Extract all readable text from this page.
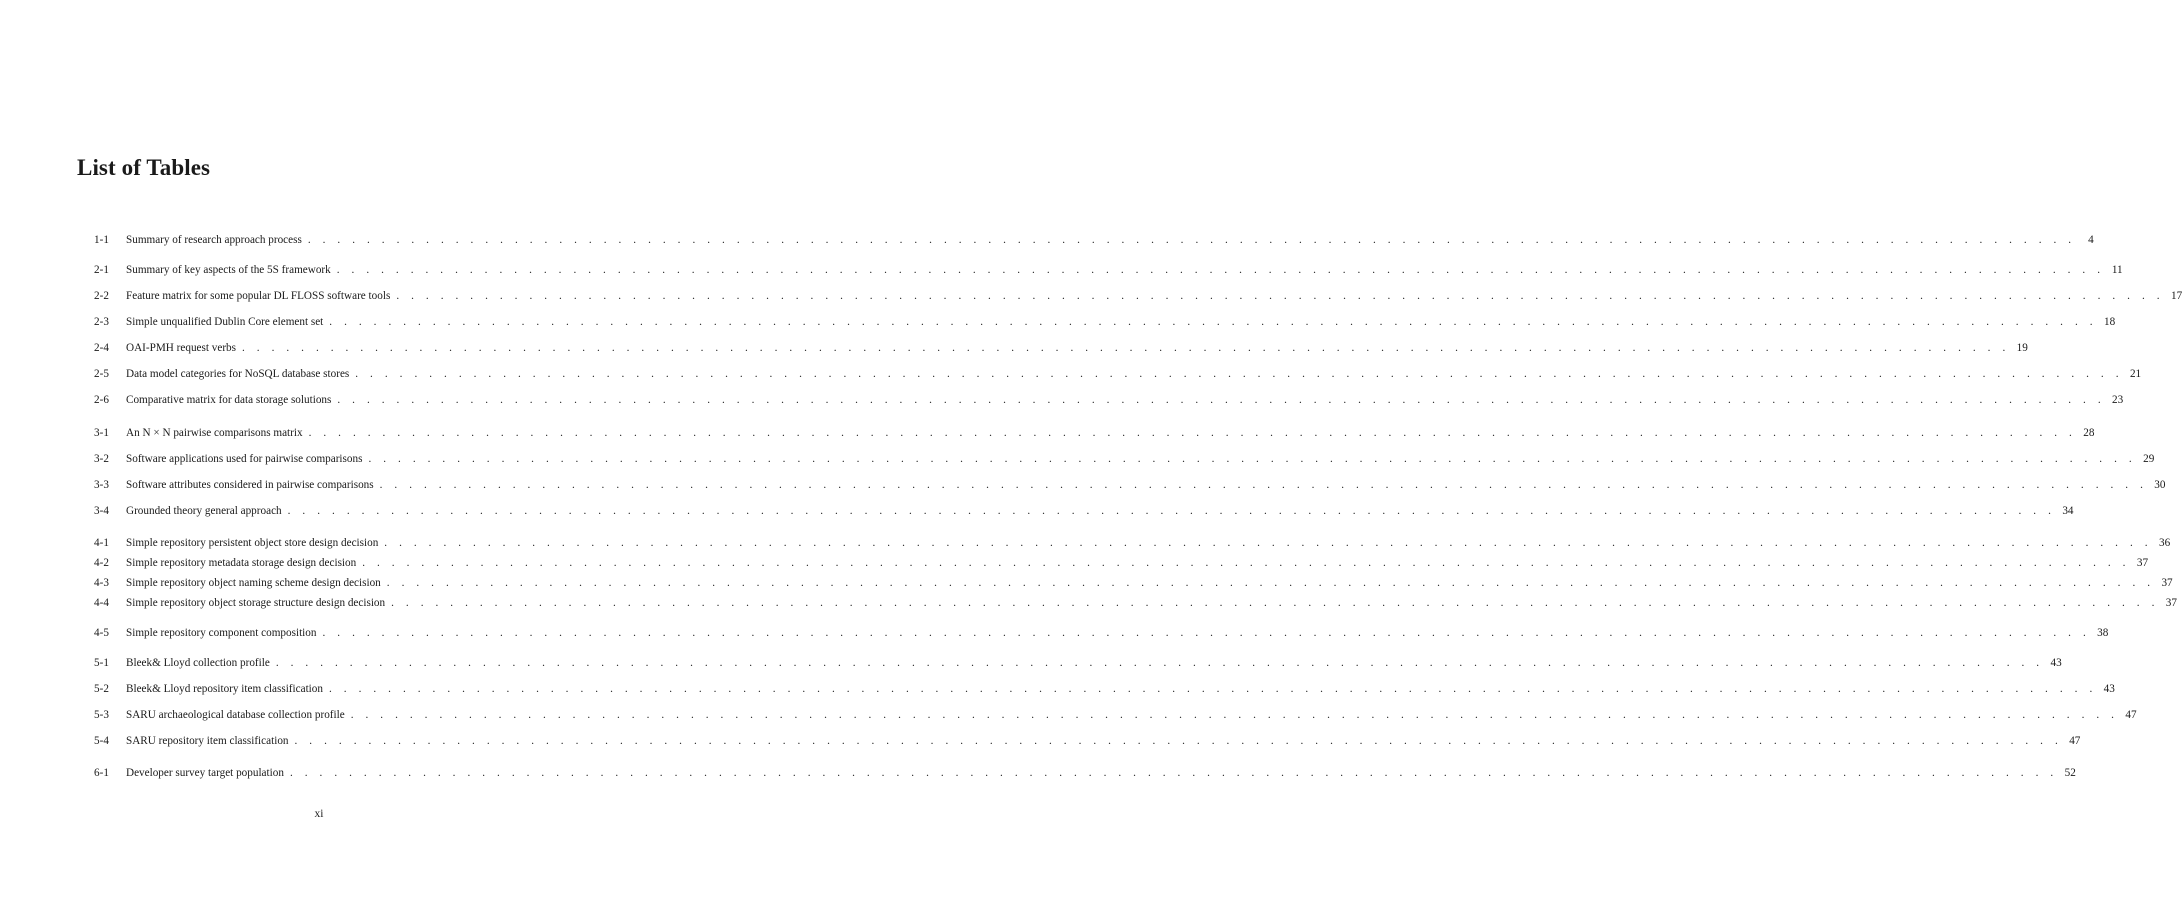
List of Tables
1-1	Summary of research approach process . . . . . . . . . . . . . . . . . . . . . . . . . . . . . . . . . . . . . . . . . . . . . . . . . . . . . . . . . . . . . . . . . . . . . . . . . . . . . . . . . . . . . . . . . . . . . . . . . . . . . . . . . . . . . . . . . . . . . . . .	4
2-1	Summary of key aspects of the 5S framework . . . . . . . . . . . . . . . . . . . . . . . . . . . . . . . . . . . . . . . . . . . . . . . . . . . . . . . . . . . . . . . . . . . . . . . . . . . . . . . . . . . . . . . . . . . . . . . . . . . . . . . . . . . . . . . . . . . . . . . . 11
2-2	Feature matrix for some popular DL FLOSS software tools . . . . . . . . . . . . . . . . . . . . . . . . . . . . . . . . . . . . . . . . . . . . . . . . . . . . . . . . . . . . . . . . . . . . . . . . . . . . . . . . . . . . . . . . . . . . . . . . . . . . . . . . . . . . . . . . . . . . . . . . 17
2-3	Simple unqualified Dublin Core element set . . . . . . . . . . . . . . . . . . . . . . . . . . . . . . . . . . . . . . . . . . . . . . . . . . . . . . . . . . . . . . . . . . . . . . . . . . . . . . . . . . . . . . . . . . . . . . . . . . . . . . . . . . . . . . . . . . . . . . . . 18
2-4	OAI-PMH request verbs . . . . . . . . . . . . . . . . . . . . . . . . . . . . . . . . . . . . . . . . . . . . . . . . . . . . . . . . . . . . . . . . . . . . . . . . . . . . . . . . . . . . . . . . . . . . . . . . . . . . . . . . . . . . . . . . . . . . . . . . 19
2-5	Data model categories for NoSQL database stores . . . . . . . . . . . . . . . . . . . . . . . . . . . . . . . . . . . . . . . . . . . . . . . . . . . . . . . . . . . . . . . . . . . . . . . . . . . . . . . . . . . . . . . . . . . . . . . . . . . . . . . . . . . . . . . . . . . . . . . . 21
2-6	Comparative matrix for data storage solutions . . . . . . . . . . . . . . . . . . . . . . . . . . . . . . . . . . . . . . . . . . . . . . . . . . . . . . . . . . . . . . . . . . . . . . . . . . . . . . . . . . . . . . . . . . . . . . . . . . . . . . . . . . . . . . . . . . . . . . . . 23
3-1	An N × N pairwise comparisons matrix . . . . . . . . . . . . . . . . . . . . . . . . . . . . . . . . . . . . . . . . . . . . . . . . . . . . . . . . . . . . . . . . . . . . . . . . . . . . . . . . . . . . . . . . . . . . . . . . . . . . . . . . . . . . . . . . . . . . . . . . 28
3-2	Software applications used for pairwise comparisons . . . . . . . . . . . . . . . . . . . . . . . . . . . . . . . . . . . . . . . . . . . . . . . . . . . . . . . . . . . . . . . . . . . . . . . . . . . . . . . . . . . . . . . . . . . . . . . . . . . . . . . . . . . . . . . . . . . . . . . . 29
3-3	Software attributes considered in pairwise comparisons . . . . . . . . . . . . . . . . . . . . . . . . . . . . . . . . . . . . . . . . . . . . . . . . . . . . . . . . . . . . . . . . . . . . . . . . . . . . . . . . . . . . . . . . . . . . . . . . . . . . . . . . . . . . . . . . . . . . . . . . 30
3-4	Grounded theory general approach . . . . . . . . . . . . . . . . . . . . . . . . . . . . . . . . . . . . . . . . . . . . . . . . . . . . . . . . . . . . . . . . . . . . . . . . . . . . . . . . . . . . . . . . . . . . . . . . . . . . . . . . . . . . . . . . . . . . . . . . 34
4-1	Simple repository persistent object store design decision . . . . . . . . . . . . . . . . . . . . . . . . . . . . . . . . . . . . . . . . . . . . . . . . . . . . . . . . . . . . . . . . . . . . . . . . . . . . . . . . . . . . . . . . . . . . . . . . . . . . . . . . . . . . . . . . . . . . . . . . 36
4-2	Simple repository metadata storage design decision . . . . . . . . . . . . . . . . . . . . . . . . . . . . . . . . . . . . . . . . . . . . . . . . . . . . . . . . . . . . . . . . . . . . . . . . . . . . . . . . . . . . . . . . . . . . . . . . . . . . . . . . . . . . . . . . . . . . . . . . 37
4-3	Simple repository object naming scheme design decision . . . . . . . . . . . . . . . . . . . . . . . . . . . . . . . . . . . . . . . . . . . . . . . . . . . . . . . . . . . . . . . . . . . . . . . . . . . . . . . . . . . . . . . . . . . . . . . . . . . . . . . . . . . . . . . . . . . . . . . . 37
4-4	Simple repository object storage structure design decision . . . . . . . . . . . . . . . . . . . . . . . . . . . . . . . . . . . . . . . . . . . . . . . . . . . . . . . . . . . . . . . . . . . . . . . . . . . . . . . . . . . . . . . . . . . . . . . . . . . . . . . . . . . . . . . . . . . . . . . . 37
4-5	Simple repository component composition . . . . . . . . . . . . . . . . . . . . . . . . . . . . . . . . . . . . . . . . . . . . . . . . . . . . . . . . . . . . . . . . . . . . . . . . . . . . . . . . . . . . . . . . . . . . . . . . . . . . . . . . . . . . . . . . . . . . . . . . 38
5-1	Bleek& Lloyd collection profile . . . . . . . . . . . . . . . . . . . . . . . . . . . . . . . . . . . . . . . . . . . . . . . . . . . . . . . . . . . . . . . . . . . . . . . . . . . . . . . . . . . . . . . . . . . . . . . . . . . . . . . . . . . . . . . . . . . . . . . . 43
5-2	Bleek& Lloyd repository item classification . . . . . . . . . . . . . . . . . . . . . . . . . . . . . . . . . . . . . . . . . . . . . . . . . . . . . . . . . . . . . . . . . . . . . . . . . . . . . . . . . . . . . . . . . . . . . . . . . . . . . . . . . . . . . . . . . . . . . . . . 43
5-3	SARU archaeological database collection profile . . . . . . . . . . . . . . . . . . . . . . . . . . . . . . . . . . . . . . . . . . . . . . . . . . . . . . . . . . . . . . . . . . . . . . . . . . . . . . . . . . . . . . . . . . . . . . . . . . . . . . . . . . . . . . . . . . . . . . . . 47
5-4	SARU repository item classification . . . . . . . . . . . . . . . . . . . . . . . . . . . . . . . . . . . . . . . . . . . . . . . . . . . . . . . . . . . . . . . . . . . . . . . . . . . . . . . . . . . . . . . . . . . . . . . . . . . . . . . . . . . . . . . . . . . . . . . . 47
6-1	Developer survey target population . . . . . . . . . . . . . . . . . . . . . . . . . . . . . . . . . . . . . . . . . . . . . . . . . . . . . . . . . . . . . . . . . . . . . . . . . . . . . . . . . . . . . . . . . . . . . . . . . . . . . . . . . . . . . . . . . . . . . . . . 52
xi
